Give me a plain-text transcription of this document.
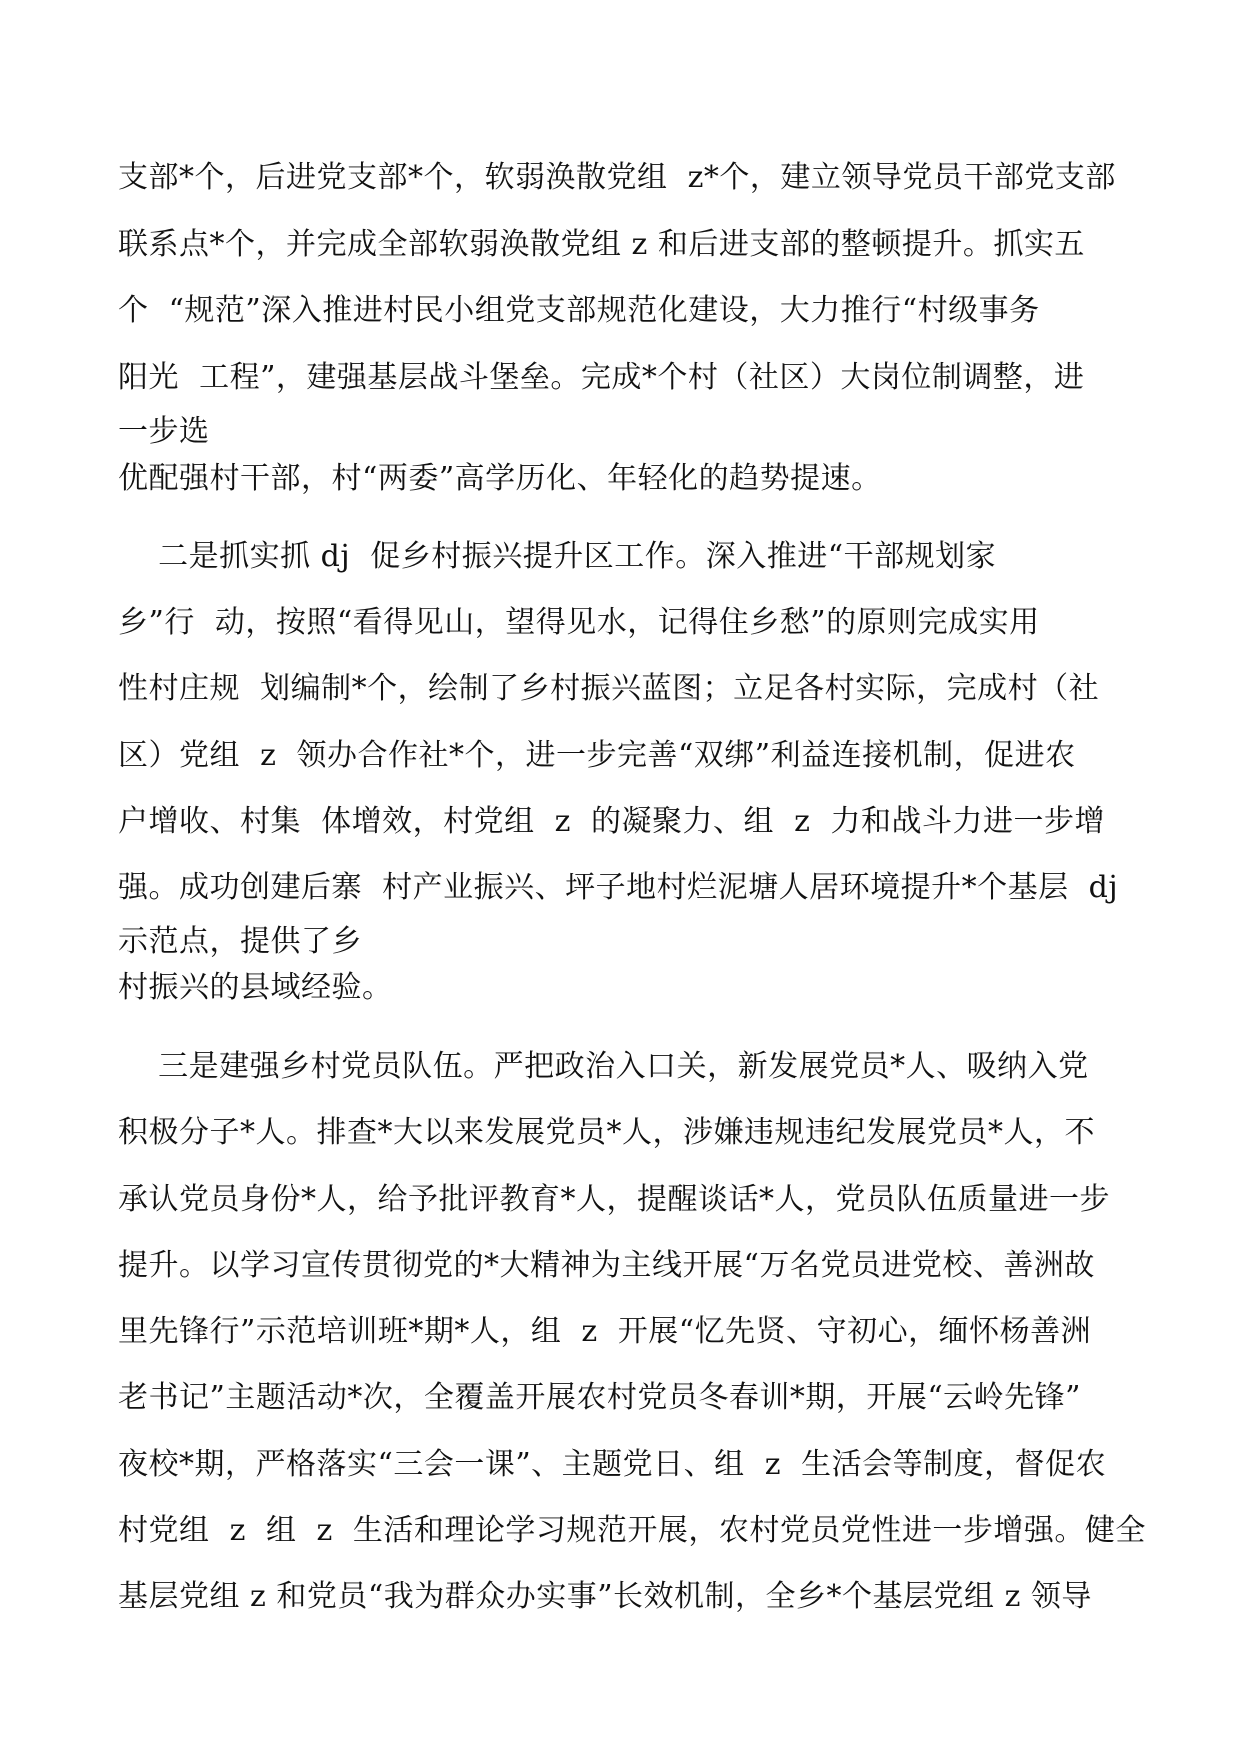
支部*个，后进党支部*个，软弱涣散党组  z*个，建立领导党员干部党支部

联系点*个，并完成全部软弱涣散党组 z 和后进支部的整顿提升。抓实五

个  “规范”深入推进村民小组党支部规范化建设，大力推行“村级事务

阳光  工程”，建强基层战斗堡垒。完成*个村（社区）大岗位制调整，进

一步选

优配强村干部，村“两委”高学历化、年轻化的趋势提速。

二是抓实抓 dj  促乡村振兴提升区工作。深入推进“干部规划家

乡”行  动，按照“看得见山，望得见水，记得住乡愁”的原则完成实用

性村庄规  划编制*个，绘制了乡村振兴蓝图；立足各村实际，完成村（社

区）党组  z  领办合作社*个，进一步完善“双绑”利益连接机制，促进农

户增收、村集  体增效，村党组  z  的凝聚力、组  z  力和战斗力进一步增

强。成功创建后寨  村产业振兴、坪子地村烂泥塘人居环境提升*个基层  dj

示范点，提供了乡

村振兴的县域经验。

三是建强乡村党员队伍。严把政治入口关，新发展党员*人、吸纳入党

积极分子*人。排查*大以来发展党员*人，涉嫌违规违纪发展党员*人，不

承认党员身份*人，给予批评教育*人，提醒谈话*人，党员队伍质量进一步

提升。以学习宣传贯彻党的*大精神为主线开展“万名党员进党校、善洲故

里先锋行”示范培训班*期*人，组  z  开展“忆先贤、守初心，缅怀杨善洲

老书记”主题活动*次，全覆盖开展农村党员冬春训*期，开展“云岭先锋”

夜校*期，严格落实“三会一课”、主题党日、组  z  生活会等制度，督促农

村党组  z  组  z  生活和理论学习规范开展，农村党员党性进一步增强。健全

基层党组 z 和党员“我为群众办实事”长效机制，全乡*个基层党组 z 领导
